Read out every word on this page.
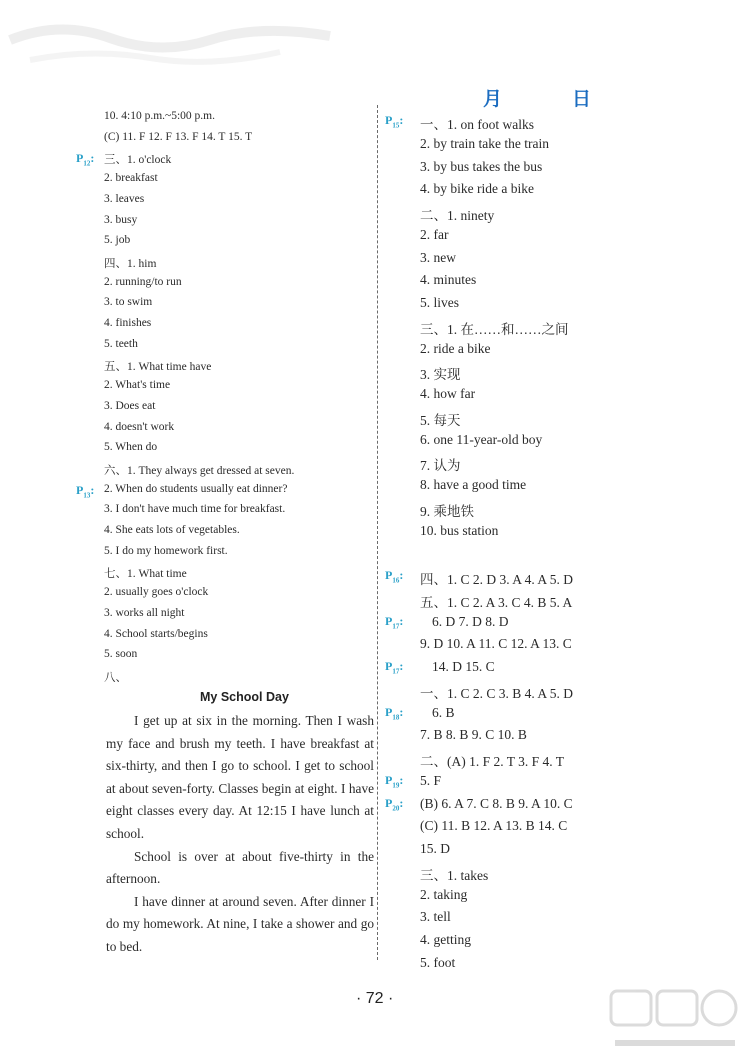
月	日
10. 4:10 p.m.~5:00 p.m.
(C) 11. F 12. F 13. F 14. T 15. T
三、1. o'clock
2. breakfast
3. leaves
3. busy
5. job
四、1. him
2. running/to run
3. to swim
4. finishes
5. teeth
五、1. What time have
2. What's time
3. Does eat
4. doesn't work
5. When do
六、1. They always get dressed at seven.
2. When do students usually eat dinner?
3. I don't have much time for breakfast.
4. She eats lots of vegetables.
5. I do my homework first.
七、1. What time
2. usually goes o'clock
3. works all night
4. School starts/begins
5. soon
八、
$P_{12}$:
$P_{13}$:
My School Day

I get up at six in the morning. Then I wash my face and brush my teeth. I have breakfast at six-thirty, and then I go to school. I get to school at about seven-forty. Classes begin at eight. I have eight classes every day. At 12:15 I have lunch at school.

School is over at about five-thirty in the afternoon.

I have dinner at around seven. After dinner I do my homework. At nine, I take a shower and go to bed.

一、1. on foot walks
2. by train take the train
3. by bus takes the bus
4. by bike ride a bike
二、1. ninety
2. far
3. new
4. minutes
5. lives
三、1. 在……和……之间
2. ride a bike
3. 实现
4. how far
5. 每天
6. one 11-year-old boy
7. 认为
8. have a good time
9. 乘地铁
10. bus station
四、1. C 2. D 3. A 4. A 5. D
五、1. C 2. A 3. C 4. B 5. A
6. D 7. D 8. D
9. D 10. A 11. C 12. A 13. C
14. D 15. C
一、1. C 2. C 3. B 4. A 5. D
6. B
7. B 8. B 9. C 10. B
二、(A) 1. F 2. T 3. F 4. T
5. F
(B) 6. A 7. C 8. B 9. A 10. C
(C) 11. B 12. A 13. B 14. C
15. D
三、1. takes
2. taking
3. tell
4. getting
5. foot
$P_{15}$:
$P_{16}$:
$P_{17}$:
$P_{17}$:
$P_{18}$:
$P_{19}$:
$P_{20}$:
· 72 ·
